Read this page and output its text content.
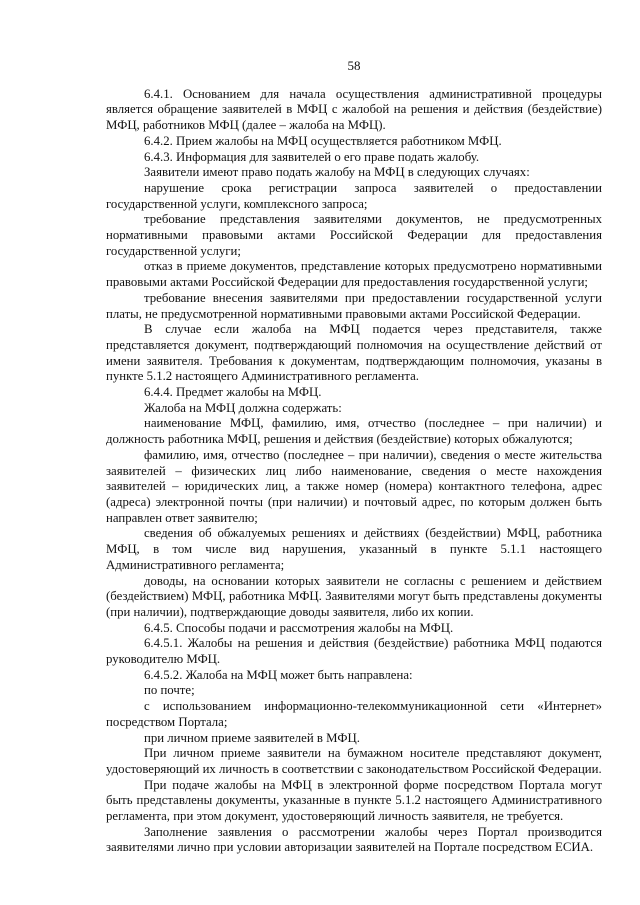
58

6.4.1. Основанием для начала осуществления административной процедуры является обращение заявителей в МФЦ с жалобой на решения и действия (бездействие) МФЦ, работников МФЦ (далее – жалоба на МФЦ).

6.4.2. Прием жалобы на МФЦ осуществляется работником МФЦ.

6.4.3. Информация для заявителей о его праве подать жалобу.

Заявители имеют право подать жалобу на МФЦ в следующих случаях:

нарушение срока регистрации запроса заявителей о предоставлении государственной услуги, комплексного запроса;

требование представления заявителями документов, не предусмотренных нормативными правовыми актами Российской Федерации для предоставления государственной услуги;

отказ в приеме документов, представление которых предусмотрено нормативными правовыми актами Российской Федерации для предоставления государственной услуги;

требование внесения заявителями при предоставлении государственной услуги платы, не предусмотренной нормативными правовыми актами Российской Федерации.

В случае если жалоба на МФЦ подается через представителя, также представляется документ, подтверждающий полномочия на осуществление действий от имени заявителя. Требования к документам, подтверждающим полномочия, указаны в пункте 5.1.2 настоящего Административного регламента.

6.4.4. Предмет жалобы на МФЦ.

Жалоба на МФЦ должна содержать:

наименование МФЦ, фамилию, имя, отчество (последнее – при наличии) и должность работника МФЦ, решения и действия (бездействие) которых обжалуются;

фамилию, имя, отчество (последнее – при наличии), сведения о месте жительства заявителей – физических лиц либо наименование, сведения о месте нахождения заявителей – юридических лиц, а также номер (номера) контактного телефона, адрес (адреса) электронной почты (при наличии) и почтовый адрес, по которым должен быть направлен ответ заявителю;

сведения об обжалуемых решениях и действиях (бездействии) МФЦ, работника МФЦ, в том числе вид нарушения, указанный в пункте 5.1.1 настоящего Административного регламента;

доводы, на основании которых заявители не согласны с решением и действием (бездействием) МФЦ, работника МФЦ. Заявителями могут быть представлены документы (при наличии), подтверждающие доводы заявителя, либо их копии.

6.4.5. Способы подачи и рассмотрения жалобы на МФЦ.

6.4.5.1. Жалобы на решения и действия (бездействие) работника МФЦ подаются руководителю МФЦ.

6.4.5.2. Жалоба на МФЦ может быть направлена:

по почте;

с использованием информационно-телекоммуникационной сети «Интернет» посредством Портала;

при личном приеме заявителей в МФЦ.

При личном приеме заявители на бумажном носителе представляют документ, удостоверяющий их личность в соответствии с законодательством Российской Федерации.

При подаче жалобы на МФЦ в электронной форме посредством Портала могут быть представлены документы, указанные в пункте 5.1.2 настоящего Административного регламента, при этом документ, удостоверяющий личность заявителя, не требуется.

Заполнение заявления о рассмотрении жалобы через Портал производится заявителями лично при условии авторизации заявителей на Портале посредством ЕСИА.
